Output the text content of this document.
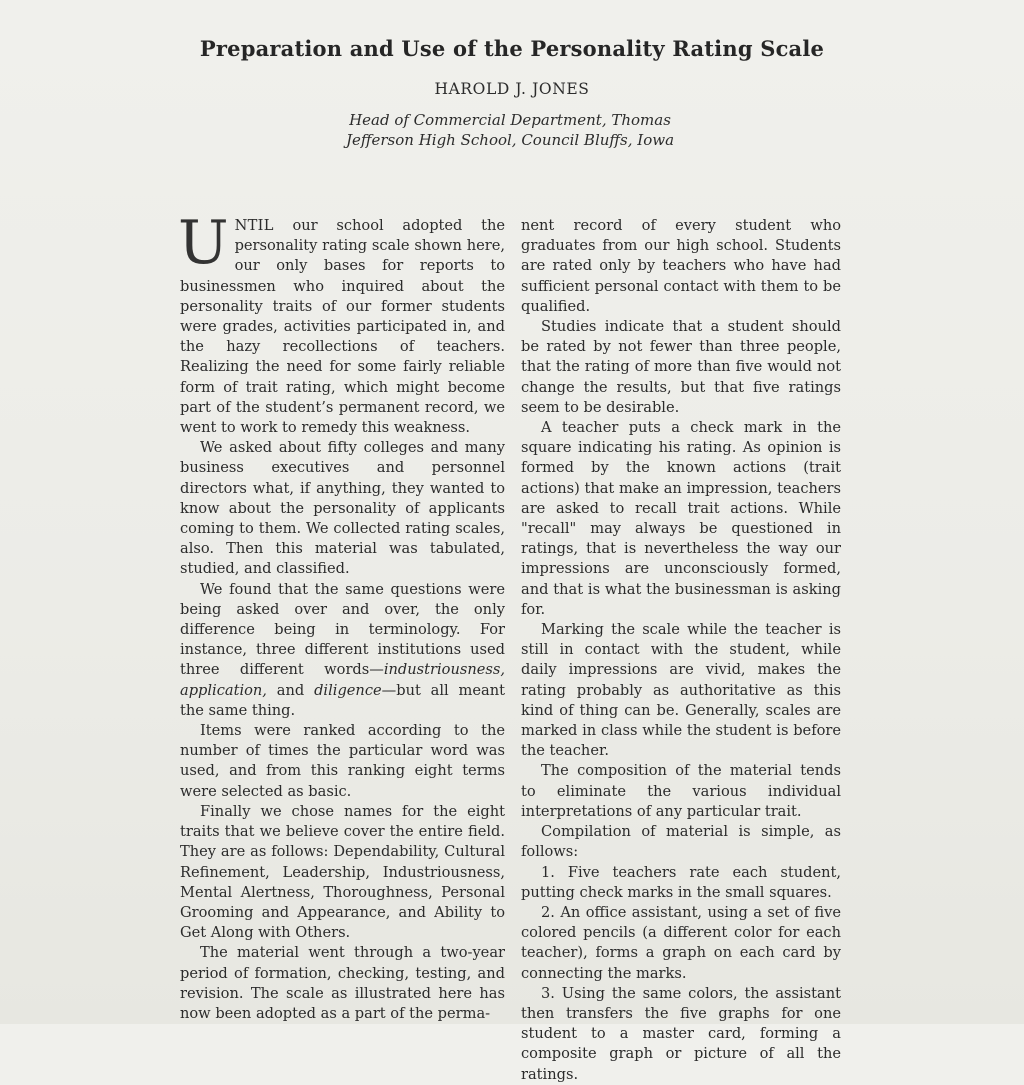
Preparation and Use of the Personality Rating Scale
HAROLD J. JONES
Head of Commercial Department, Thomas
Jefferson High School, Council Bluffs, Iowa

UNTIL our school adopted the personality rating scale shown here, our only bases for reports to businessmen who inquired about the personality traits of our former students were grades, activities participated in, and the hazy recollections of teachers. Realizing the need for some fairly reliable form of trait rating, which might become part of the student’s permanent record, we went to work to remedy this weakness.

We asked about fifty colleges and many business executives and personnel directors what, if anything, they wanted to know about the personality of applicants coming to them. We collected rating scales, also. Then this material was tabulated, studied, and classified.

We found that the same questions were being asked over and over, the only difference being in terminology. For instance, three different institutions used three different words—industriousness, application, and diligence—but all meant the same thing.

Items were ranked according to the number of times the particular word was used, and from this ranking eight terms were selected as basic.

Finally we chose names for the eight traits that we believe cover the entire field. They are as follows: Dependability, Cultural Refinement, Leadership, Industriousness, Mental Alertness, Thoroughness, Personal Grooming and Appearance, and Ability to Get Along with Others.

The material went through a two-year period of formation, checking, testing, and revision. The scale as illustrated here has now been adopted as a part of the perma-

nent record of every student who graduates from our high school. Students are rated only by teachers who have had sufficient personal contact with them to be qualified.

Studies indicate that a student should be rated by not fewer than three people, that the rating of more than five would not change the results, but that five ratings seem to be desirable.

A teacher puts a check mark in the square indicating his rating. As opinion is formed by the known actions (trait actions) that make an impression, teachers are asked to recall trait actions. While "recall" may always be questioned in ratings, that is nevertheless the way our impressions are unconsciously formed, and that is what the businessman is asking for.

Marking the scale while the teacher is still in contact with the student, while daily impressions are vivid, makes the rating probably as authoritative as this kind of thing can be. Generally, scales are marked in class while the student is before the teacher.

The composition of the material tends to eliminate the various individual interpretations of any particular trait.

Compilation of material is simple, as follows:

1. Five teachers rate each student, putting check marks in the small squares.

2. An office assistant, using a set of five colored pencils (a different color for each teacher), forms a graph on each card by connecting the marks.

3. Using the same colors, the assistant then transfers the five graphs for one student to a master card, forming a composite graph or picture of all the ratings.
